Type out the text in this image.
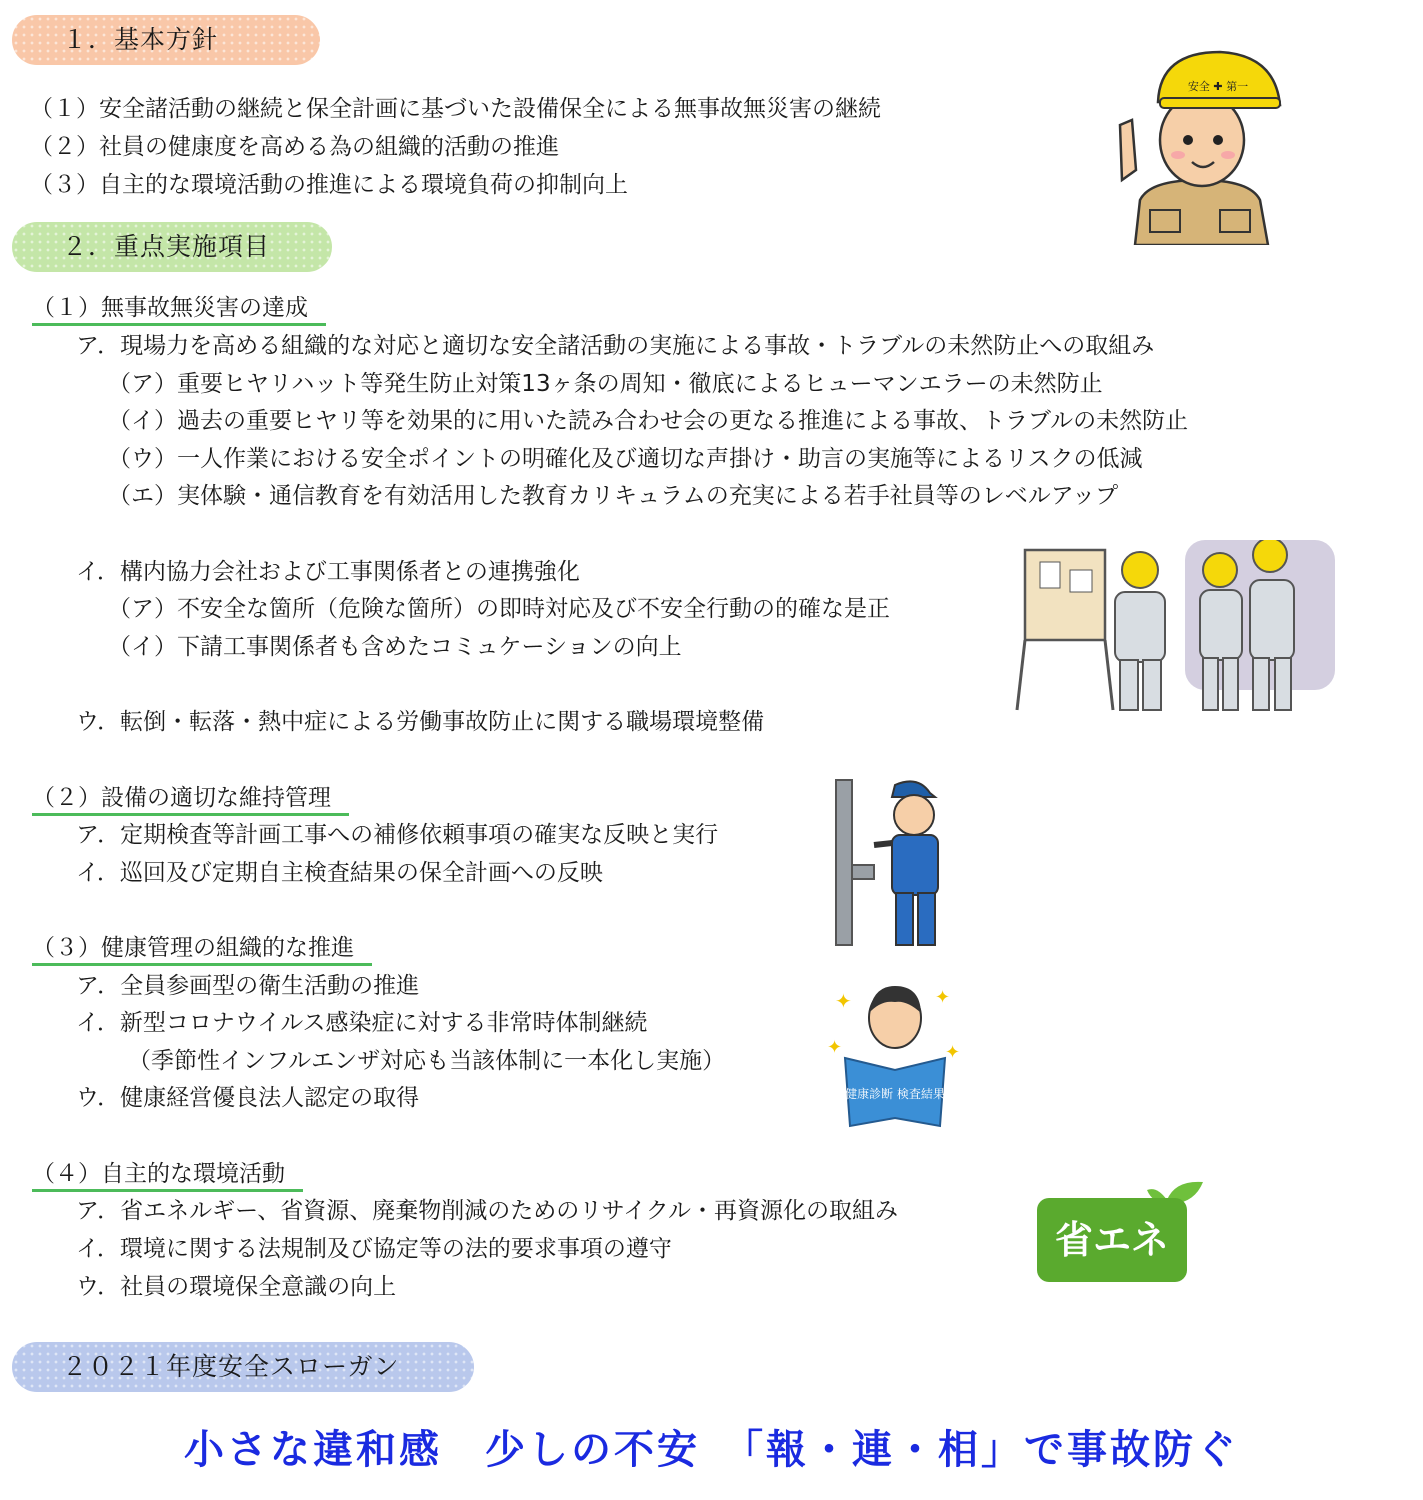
１．基本方針
（１）安全諸活動の継続と保全計画に基づいた設備保全による無事故無災害の継続
（２）社員の健康度を高める為の組織的活動の推進
（３）自主的な環境活動の推進による環境負荷の抑制向上
２．重点実施項目
（１）無事故無災害の達成
ア．現場力を高める組織的な対応と適切な安全諸活動の実施による事故・トラブルの未然防止への取組み
（ア）重要ヒヤリハット等発生防止対策13ヶ条の周知・徹底によるヒューマンエラーの未然防止
（イ）過去の重要ヒヤリ等を効果的に用いた読み合わせ会の更なる推進による事故、トラブルの未然防止
（ウ）一人作業における安全ポイントの明確化及び適切な声掛け・助言の実施等によるリスクの低減
（エ）実体験・通信教育を有効活用した教育カリキュラムの充実による若手社員等のレベルアップ
イ．構内協力会社および工事関係者との連携強化
（ア）不安全な箇所（危険な箇所）の即時対応及び不安全行動の的確な是正
（イ）下請工事関係者も含めたコミュケーションの向上
ウ．転倒・転落・熱中症による労働事故防止に関する職場環境整備
（２）設備の適切な維持管理
ア．定期検査等計画工事への補修依頼事項の確実な反映と実行
イ．巡回及び定期自主検査結果の保全計画への反映
（３）健康管理の組織的な推進
ア．全員参画型の衛生活動の推進
イ．新型コロナウイルス感染症に対する非常時体制継続
（季節性インフルエンザ対応も当該体制に一本化し実施）
ウ．健康経営優良法人認定の取得
（４）自主的な環境活動
ア．省エネルギー、省資源、廃棄物削減のためのリサイクル・再資源化の取組み
イ．環境に関する法規制及び協定等の法的要求事項の遵守
ウ．社員の環境保全意識の向上
２０２１年度安全スローガン
小さな違和感　少しの不安　「報・連・相」で事故防ぐ
安全 ✚ 第一
✦	✦
✦	✦
健康診断 検査結果
省エネ
